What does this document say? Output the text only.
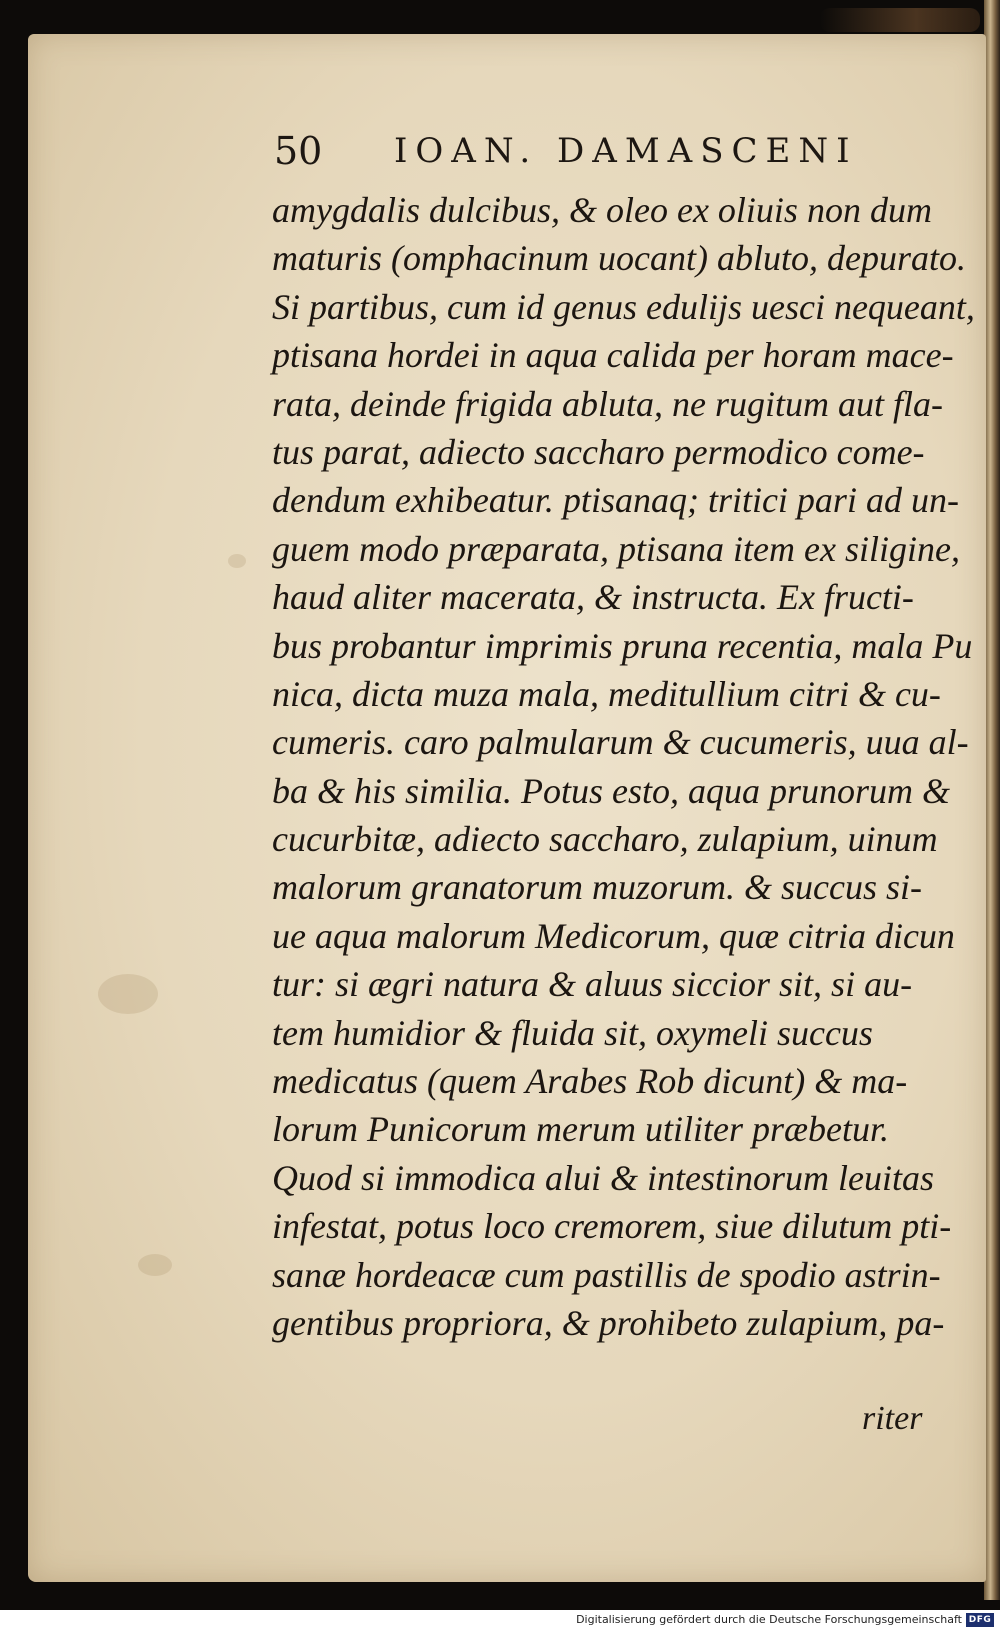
50 IOAN. DAMASCENI
amygdalis dulcibus, & oleo ex oliuis non dum
maturis (omphacinum uocant) abluto, depurato.
Si partibus, cum id genus edulijs uesci nequeant,
ptisana hordei in aqua calida per horam mace-
rata, deinde frigida abluta, ne rugitum aut fla-
tus parat, adiecto saccharo permodico come-
dendum exhibeatur. ptisanaq; tritici pari ad un-
guem modo præparata, ptisana item ex siligine,
haud aliter macerata, & instructa. Ex fructi-
bus probantur imprimis pruna recentia, mala Pu
nica, dicta muza mala, meditullium citri & cu-
cumeris. caro palmularum & cucumeris, uua al-
ba & his similia. Potus esto, aqua prunorum &
cucurbitæ, adiecto saccharo, zulapium, uinum
malorum granatorum muzorum. & succus si-
ue aqua malorum Medicorum, quæ citria dicun
tur: si ægri natura & aluus siccior sit, si au-
tem humidior & fluida sit, oxymeli succus
medicatus (quem Arabes Rob dicunt) & ma-
lorum Punicorum merum utiliter præbetur.
Quod si immodica alui & intestinorum leuitas
infestat, potus loco cremorem, siue dilutum pti-
sanæ hordeacæ cum pastillis de spodio astrin-
gentibus propriora, & prohibeto zulapium, pa-
riter
Digitalisierung gefördert durch die Deutsche Forschungsgemeinschaft DFG
